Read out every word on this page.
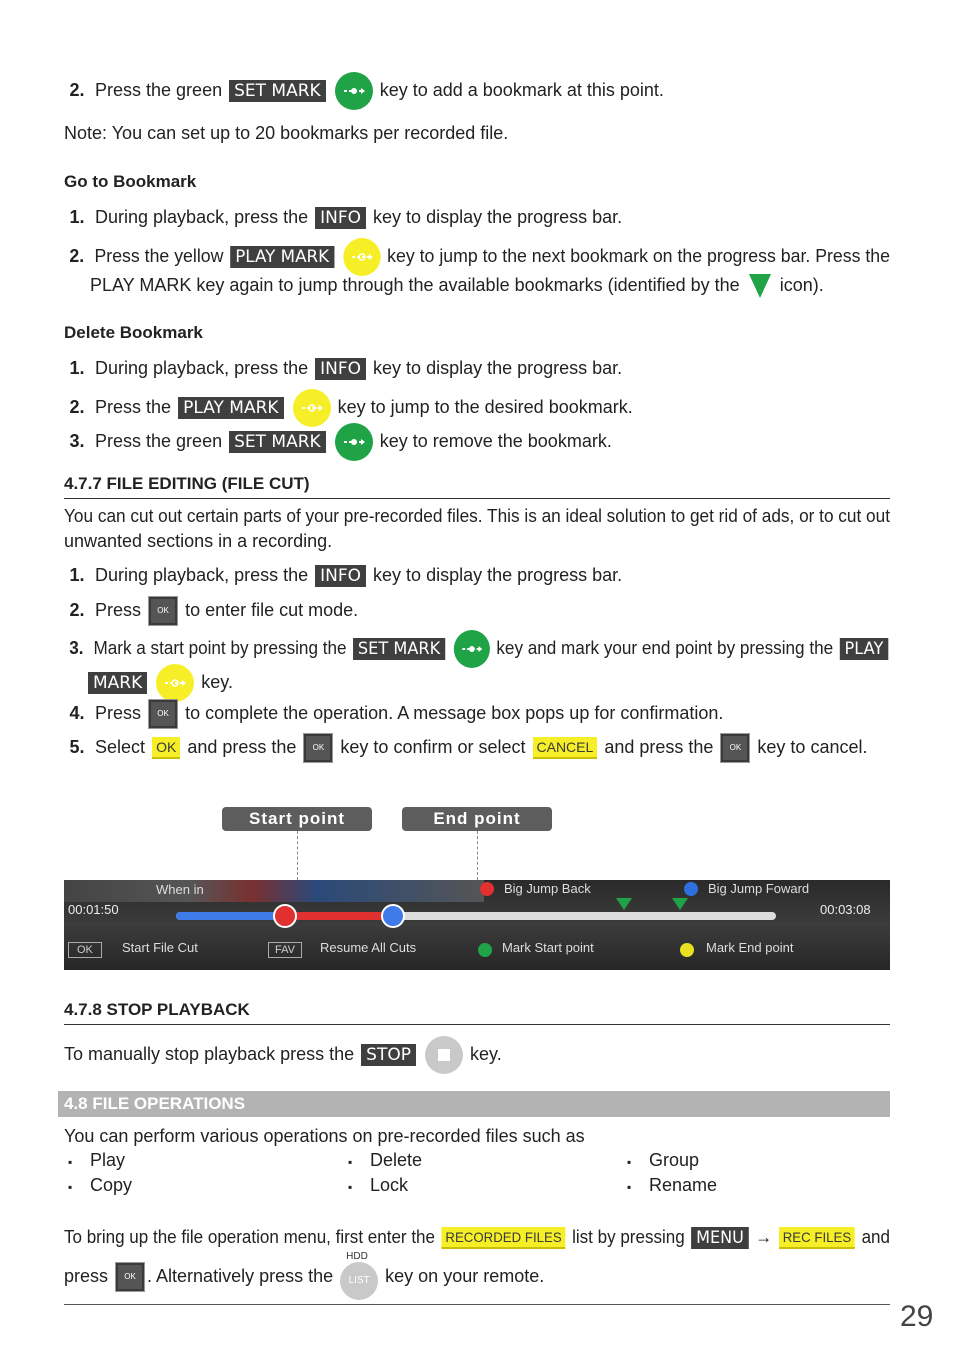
2. Press the green SET MARK	key to add a bookmark at this point.
Note: You can set up to 20 bookmarks per recorded file.
Go to Bookmark
1. During playback, press the INFO key to display the progress bar.
2. Press the yellow PLAY MARK	key to jump to the next bookmark on the progress bar. Press the
PLAY MARK key again to jump through the available bookmarks (identified by the icon).
Delete Bookmark
1. During playback, press the INFO key to display the progress bar.
2. Press the PLAY MARK	key to jump to the desired bookmark.
3. Press the green SET MARK	key to remove the bookmark.
4.7.7 FILE EDITING (FILE CUT)
You can cut out certain parts of your pre-recorded files. This is an ideal solution to get rid of ads, or to cut out
unwanted sections in a recording.
1. During playback, press the INFO key to display the progress bar.
2. Press OK to enter file cut mode.
3. Mark a start point by pressing the SET MARK	key and mark your end point by pressing the PLAY
MARK	key.
4. Press OK to complete the operation. A message box pops up for confirmation.
5. Select OK and press the OK key to confirm or select CANCEL and press the OK key to cancel.
Start point	End point
When in
00:01:50	00:03:08
Big Jump Back	Big Jump Foward
OK	Start File Cut	FAV	Resume All Cuts	Mark Start point	Mark End point
4.7.8 STOP PLAYBACK
To manually stop playback press the STOP	key.
4.8 FILE OPERATIONS
You can perform various operations on pre-recorded files such as
▪ Play	▪ Delete	▪ Group
▪ Copy	▪ Lock	▪ Rename
To bring up the file operation menu, first enter the RECORDED FILES list by pressing MENU → REC FILES and
press OK . Alternatively press the
HDD
LIST key on your remote.
29
